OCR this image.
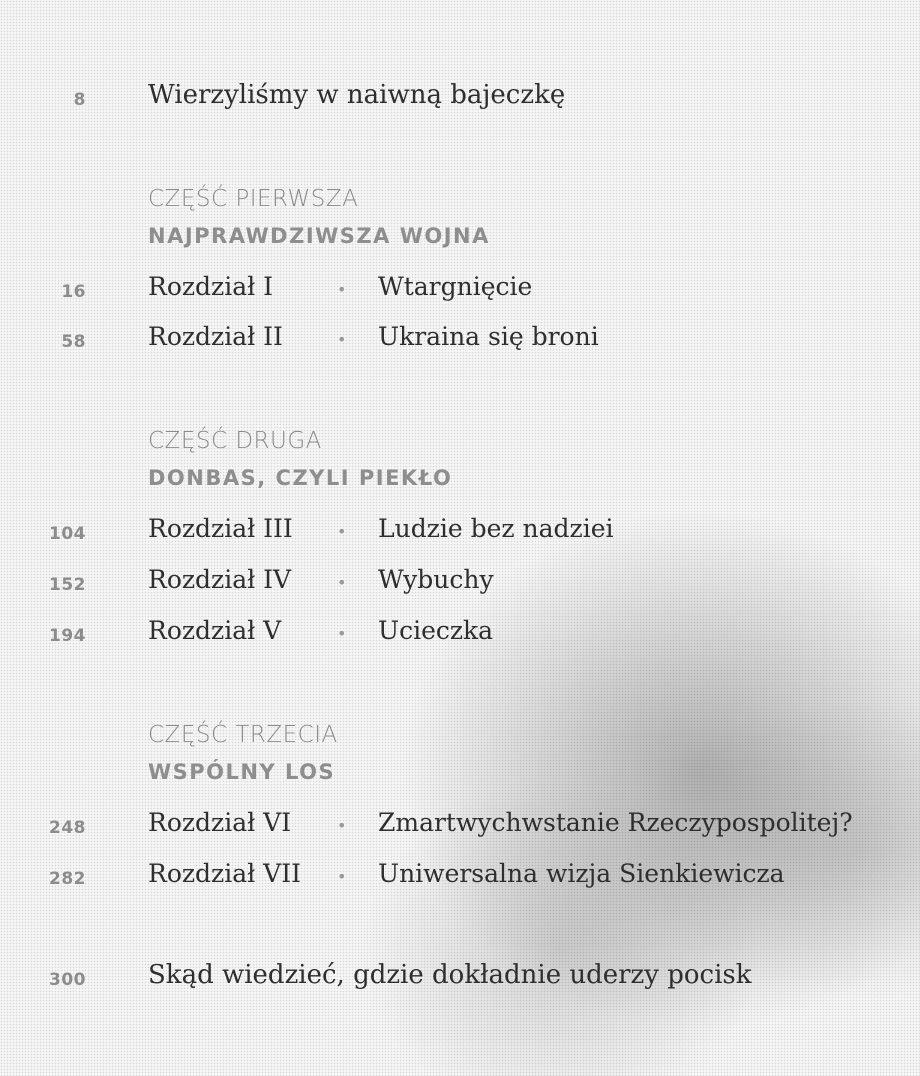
8 Wierzyliśmy w naiwną bajeczkę
CZĘŚĆ PIERWSZA
NAJPRAWDZIWSZA WOJNA
16 Rozdział I	• Wtargnięcie
58 Rozdział II	• Ukraina się broni
CZĘŚĆ DRUGA
DONBAS, CZYLI PIEKŁO
104 Rozdział III	• Ludzie bez nadziei
152 Rozdział IV	• Wybuchy
194 Rozdział V	• Ucieczka
CZĘŚĆ TRZECIA
WSPÓLNY LOS
248 Rozdział VI	• Zmartwychwstanie Rzeczypospolitej?
282 Rozdział VII • Uniwersalna wizja Sienkiewicza
300 Skąd wiedzieć, gdzie dokładnie uderzy pocisk
